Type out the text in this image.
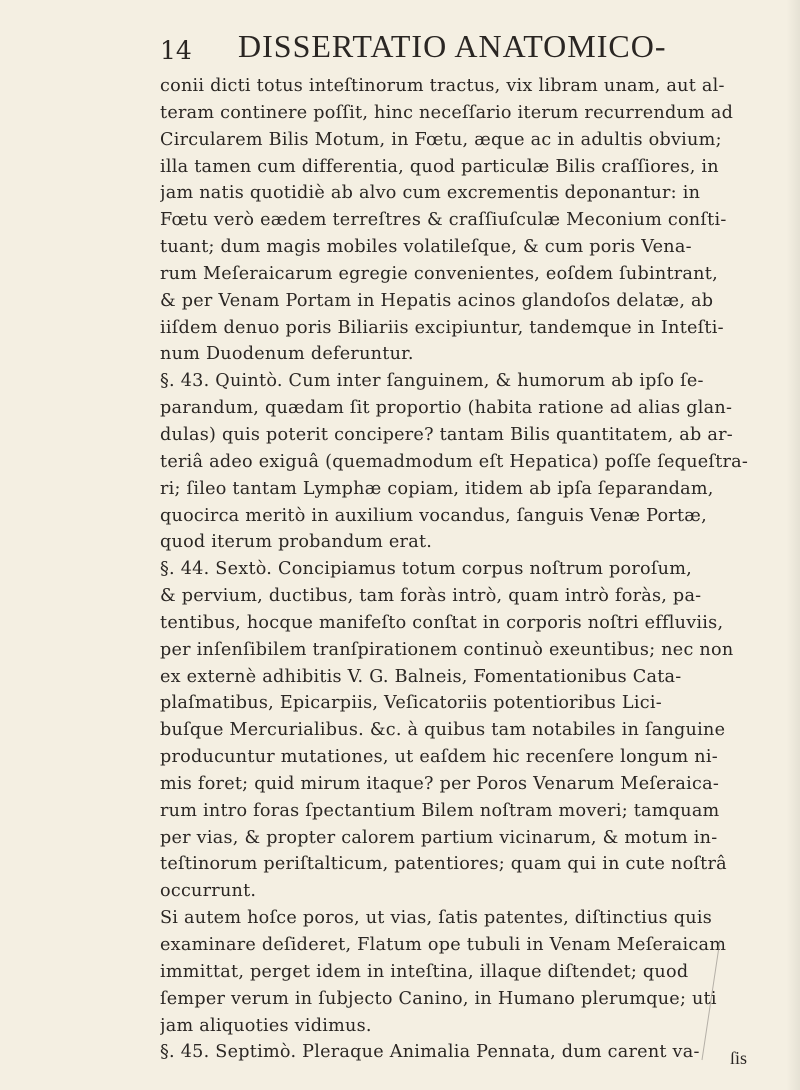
14 DISSERTATIO ANATOMICO-
conii dicti totus inteſtinorum tractus, vix libram unam, aut al-
teram continere poſſit, hinc neceſſario iterum recurrendum ad
Circularem Bilis Motum, in Fœtu, æque ac in adultis obvium;
illa tamen cum differentia, quod particulæ Bilis craſſiores, in
jam natis quotidiè ab alvo cum excrementis deponantur: in
Fœtu verò eædem terreſtres & craſſiuſculæ Meconium conſti-
tuant; dum magis mobiles volatileſque, & cum poris Vena-
rum Meſeraicarum egregie convenientes, eoſdem ſubintrant,
& per Venam Portam in Hepatis acinos glandoſos delatæ, ab
iiſdem denuo poris Biliariis excipiuntur, tandemque in Inteſti-
num Duodenum deferuntur.
§. 43. Quintò. Cum inter ſanguinem, & humorum ab ipſo ſe-
parandum, quædam ſit proportio (habita ratione ad alias glan-
dulas) quis poterit concipere? tantam Bilis quantitatem, ab ar-
teriâ adeo exiguâ (quemadmodum eſt Hepatica) poſſe ſequeſtra-
ri; ſileo tantam Lymphæ copiam, itidem ab ipſa ſeparandam,
quocirca meritò in auxilium vocandus, ſanguis Venæ Portæ,
quod iterum probandum erat.
§. 44. Sextò. Concipiamus totum corpus noſtrum poroſum,
& pervium, ductibus, tam foràs intrò, quam intrò foràs, pa-
tentibus, hocque manifeſto conſtat in corporis noſtri effluviis,
per inſenſibilem tranſpirationem continuò exeuntibus; nec non
ex externè adhibitis V. G. Balneis, Fomentationibus Cata-
plaſmatibus, Epicarpiis, Veſicatoriis potentioribus Lici-
buſque Mercurialibus. &c. à quibus tam notabiles in ſanguine
producuntur mutationes, ut eaſdem hic recenſere longum ni-
mis foret; quid mirum itaque? per Poros Venarum Meſeraica-
rum intro foras ſpectantium Bilem noſtram moveri; tamquam
per vias, & propter calorem partium vicinarum, & motum in-
teſtinorum periſtalticum, patentiores; quam qui in cute noſtrâ
occurrunt.
Si autem hoſce poros, ut vias, ſatis patentes, diſtinctius quis
examinare deſideret, Flatum ope tubuli in Venam Meſeraicam
immittat, perget idem in inteſtina, illaque diſtendet; quod
ſemper verum in ſubjecto Canino, in Humano plerumque; uti
jam aliquoties vidimus.
§. 45. Septimò. Pleraque Animalia Pennata, dum carent va-	ſis
